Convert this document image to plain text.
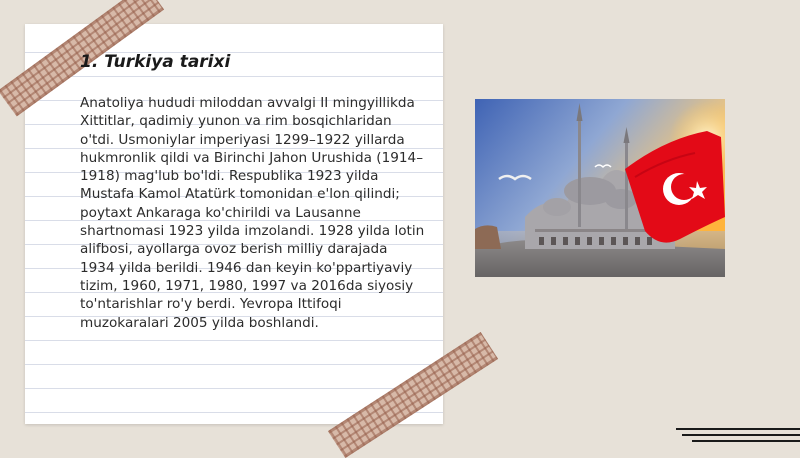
1. Turkiya tarixi

Anatoliya hududi miloddan avvalgi II mingyillikda Xittitlar, qadimiy yunon va rim bosqichlaridan o'tdi. Usmoniylar imperiyasi 1299–1922 yillarda hukmronlik qildi va Birinchi Jahon Urushida (1914–1918) mag'lub bo'ldi. Respublika 1923 yilda Mustafa Kamol Atatürk tomonidan e'lon qilindi; poytaxt Ankaraga ko'chirildi va Lausanne shartnomasi 1923 yilda imzolandi. 1928 yilda lotin alifbosi, ayollarga ovoz berish milliy darajada 1934 yilda berildi. 1946 dan keyin ko'ppartiyaviy tizim, 1960, 1971, 1980, 1997 va 2016da siyosiy to'ntarishlar ro'y berdi. Yevropa Ittifoqi muzokaralari 2005 yilda boshlandi.
